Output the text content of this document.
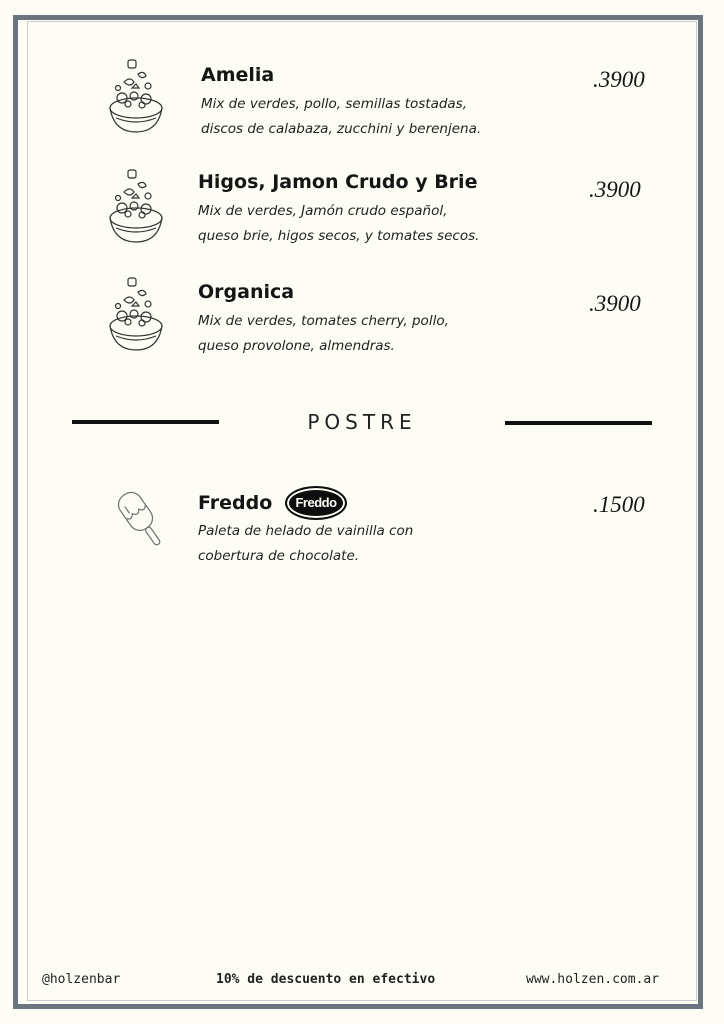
Amelia
Mix de verdes, pollo, semillas tostadas,
discos de calabaza, zucchini y berenjena.
.3900
Higos, Jamon Crudo y Brie
Mix de verdes, Jamón crudo español,
queso brie, higos secos, y tomates secos.
.3900
Organica
Mix de verdes, tomates cherry, pollo,
queso provolone, almendras.
.3900
POSTRE
Freddo	Freddo
Paleta de helado de vainilla con
cobertura de chocolate.
.1500
@holzenbar	10% de descuento en efectivo	www.holzen.com.ar
